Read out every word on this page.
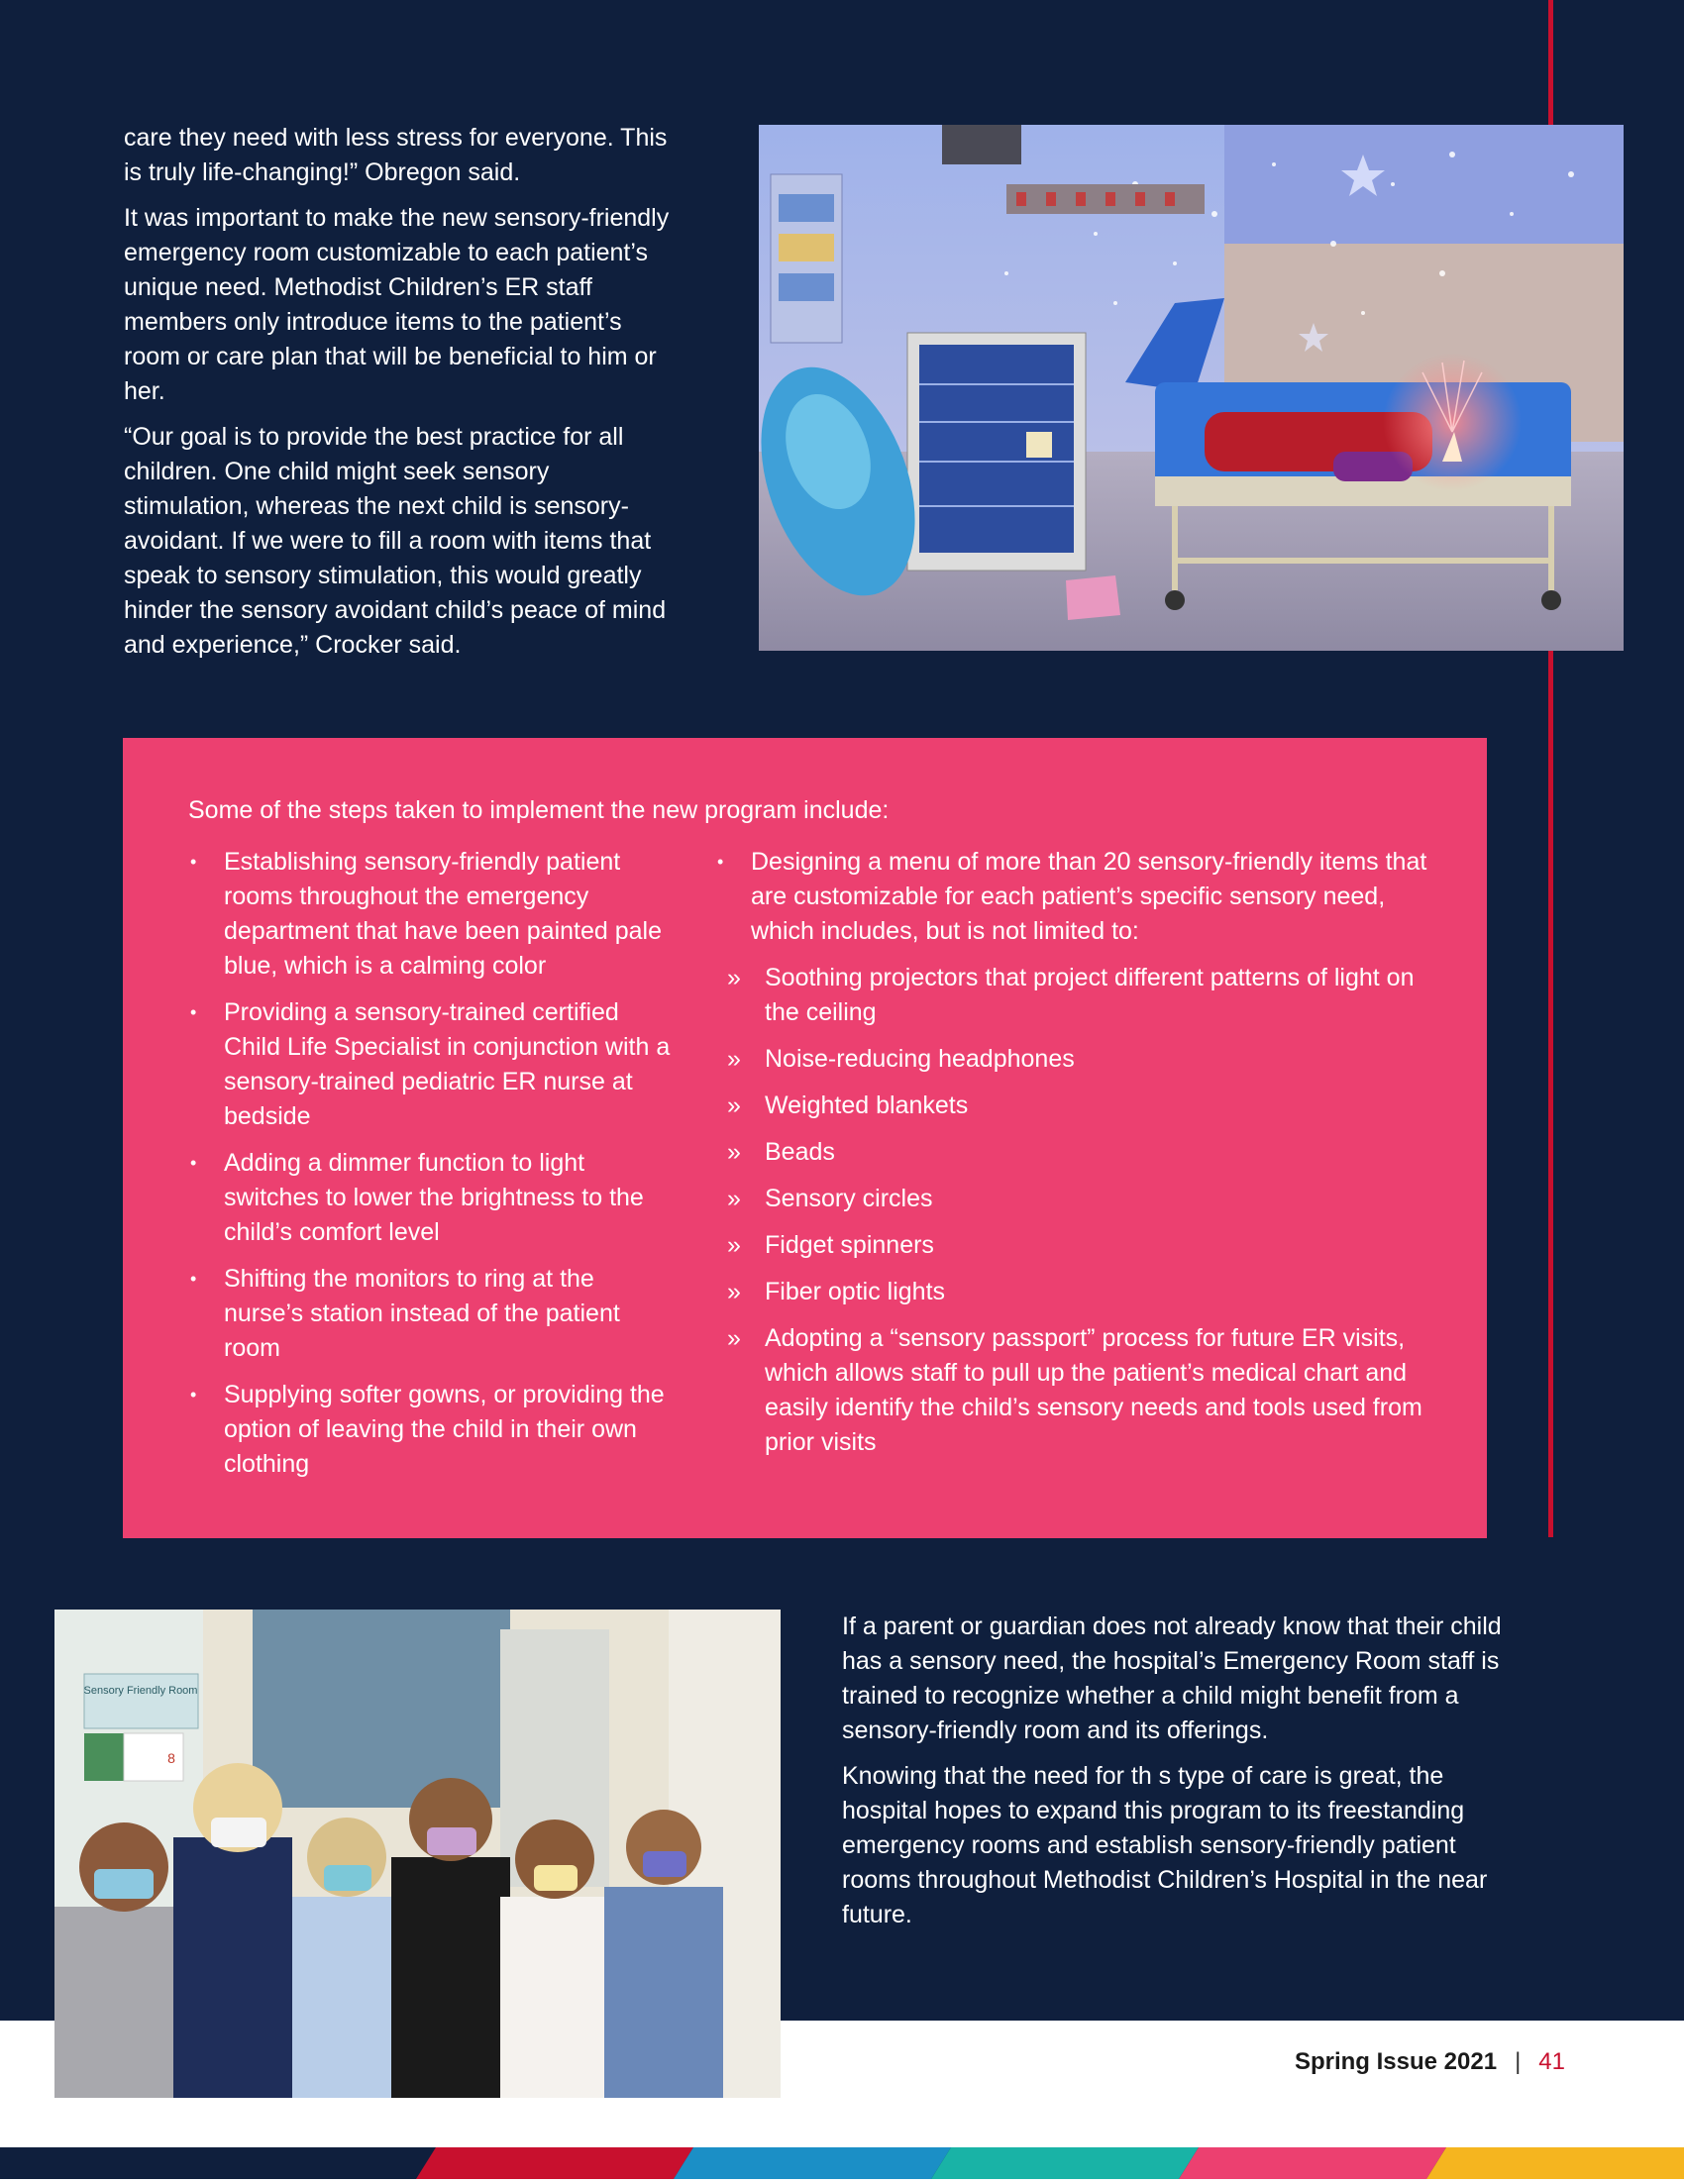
care they need with less stress for everyone. This is truly life-changing!” Obregon said.

It was important to make the new sensory-friendly emergency room customizable to each patient’s unique need. Methodist Children’s ER staff members only introduce items to the patient’s room or care plan that will be beneficial to him or her.

“Our goal is to provide the best practice for all children. One child might seek sensory stimulation, whereas the next child is sensory-avoidant. If we were to fill a room with items that speak to sensory stimulation, this would greatly hinder the sensory avoidant child’s peace of mind and experience,” Crocker said.

Some of the steps taken to implement the new program include:
• Establishing sensory-friendly patient rooms throughout the emergency department that have been painted pale blue, which is a calming color
• Providing a sensory-trained certified Child Life Specialist in conjunction with a sensory-trained pediatric ER nurse at bedside
• Adding a dimmer function to light switches to lower the brightness to the child’s comfort level
• Shifting the monitors to ring at the nurse’s station instead of the patient room
• Supplying softer gowns, or providing the option of leaving the child in their own clothing
• Designing a menu of more than 20 sensory-friendly items that are customizable for each patient’s specific sensory need, which includes, but is not limited to:
» Soothing projectors that project different patterns of light on the ceiling
» Noise-reducing headphones
» Weighted blankets
» Beads
» Sensory circles
» Fidget spinners
» Fiber optic lights
» Adopting a “sensory passport” process for future ER visits, which allows staff to pull up the patient’s medical chart and easily identify the child’s sensory needs and tools used from prior visits
Sensory Friendly Room
8

If a parent or guardian does not already know that their child has a sensory need, the hospital’s Emergency Room staff is trained to recognize whether a child might benefit from a sensory-friendly room and its offerings.

Knowing that the need for th s type of care is great, the hospital hopes to expand this program to its freestanding emergency rooms and establish sensory-friendly patient rooms throughout Methodist Children’s Hospital in the near future.

Spring Issue 2021 | 41
